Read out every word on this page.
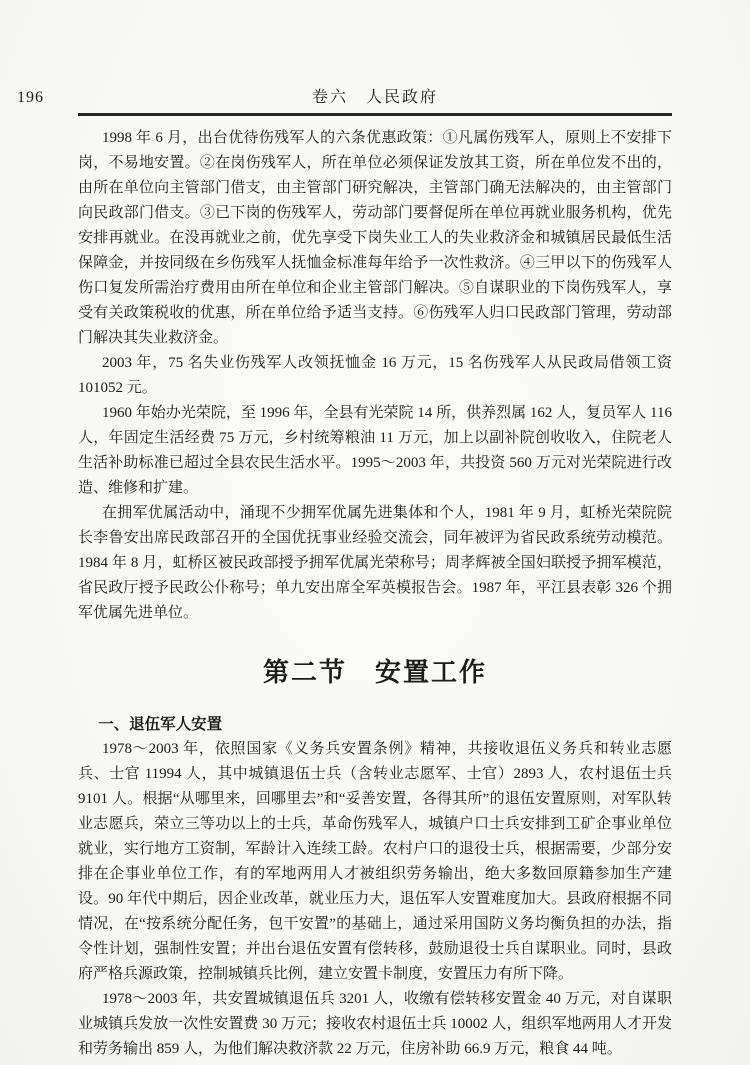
196	卷六　人民政府

1998 年 6 月，出台优待伤残军人的六条优惠政策：①凡属伤残军人，原则上不安排下岗，不易地安置。②在岗伤残军人，所在单位必须保证发放其工资，所在单位发不出的，由所在单位向主管部门借支，由主管部门研究解决，主管部门确无法解决的，由主管部门向民政部门借支。③已下岗的伤残军人，劳动部门要督促所在单位再就业服务机构，优先安排再就业。在没再就业之前，优先享受下岗失业工人的失业救济金和城镇居民最低生活保障金，并按同级在乡伤残军人抚恤金标准每年给予一次性救济。④三甲以下的伤残军人伤口复发所需治疗费用由所在单位和企业主管部门解决。⑤自谋职业的下岗伤残军人，享受有关政策税收的优惠，所在单位给予适当支持。⑥伤残军人归口民政部门管理，劳动部门解决其失业救济金。

2003 年，75 名失业伤残军人改领抚恤金 16 万元，15 名伤残军人从民政局借领工资 101052 元。

1960 年始办光荣院，至 1996 年，全县有光荣院 14 所，供养烈属 162 人，复员军人 116 人，年固定生活经费 75 万元，乡村统筹粮油 11 万元，加上以副补院创收收入，住院老人生活补助标准已超过全县农民生活水平。1995～2003 年，共投资 560 万元对光荣院进行改造、维修和扩建。

在拥军优属活动中，涌现不少拥军优属先进集体和个人，1981 年 9 月，虹桥光荣院院长李鲁安出席民政部召开的全国优抚事业经验交流会，同年被评为省民政系统劳动模范。1984 年 8 月，虹桥区被民政部授予拥军优属光荣称号；周孝辉被全国妇联授予拥军模范，省民政厅授予民政公仆称号；单九安出席全军英模报告会。1987 年，平江县表彰 326 个拥军优属先进单位。

第二节　安置工作
一、退伍军人安置

1978～2003 年，依照国家《义务兵安置条例》精神，共接收退伍义务兵和转业志愿兵、士官 11994 人，其中城镇退伍士兵（含转业志愿军、士官）2893 人，农村退伍士兵 9101 人。根据“从哪里来，回哪里去”和“妥善安置，各得其所”的退伍安置原则，对军队转业志愿兵，荣立三等功以上的士兵，革命伤残军人，城镇户口士兵安排到工矿企事业单位就业，实行地方工资制，军龄计入连续工龄。农村户口的退役士兵，根据需要，少部分安排在企事业单位工作，有的军地两用人才被组织劳务输出，绝大多数回原籍参加生产建设。90 年代中期后，因企业改革，就业压力大，退伍军人安置难度加大。县政府根据不同情况，在“按系统分配任务，包干安置”的基础上，通过采用国防义务均衡负担的办法，指令性计划，强制性安置；并出台退伍安置有偿转移，鼓励退役士兵自谋职业。同时，县政府严格兵源政策，控制城镇兵比例，建立安置卡制度，安置压力有所下降。

1978～2003 年，共安置城镇退伍兵 3201 人，收缴有偿转移安置金 40 万元，对自谋职业城镇兵发放一次性安置费 30 万元；接收农村退伍士兵 10002 人，组织军地两用人才开发和劳务输出 859 人，为他们解决救济款 22 万元，住房补助 66.9 万元，粮食 44 吨。
